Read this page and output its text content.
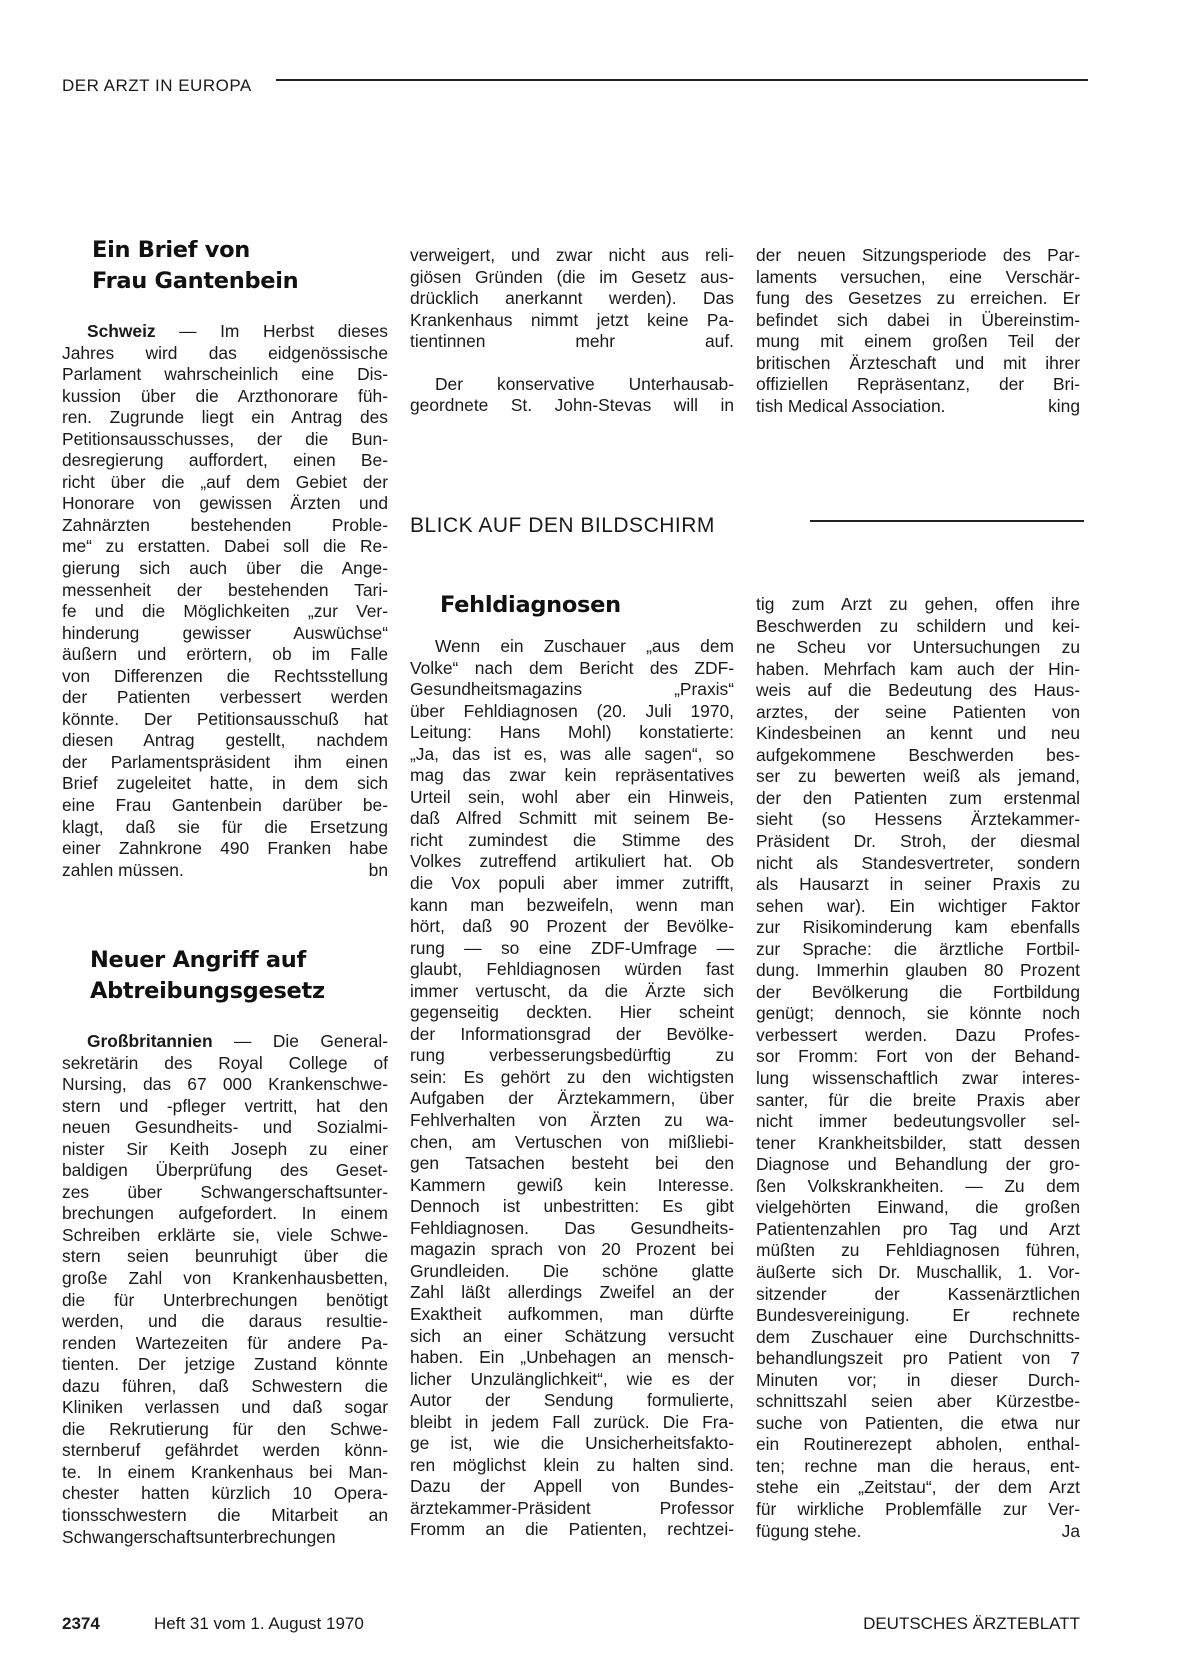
DER ARZT IN EUROPA
Ein Brief von
Frau Gantenbein
Schweiz — Im Herbst dieses
Jahres wird das eidgenössische
Parlament wahrscheinlich eine Dis-
kussion über die Arzthonorare füh-
ren. Zugrunde liegt ein Antrag des
Petitionsausschusses, der die Bun-
desregierung auffordert, einen Be-
richt über die „auf dem Gebiet der
Honorare von gewissen Ärzten und
Zahnärzten bestehenden Proble-
me“ zu erstatten. Dabei soll die Re-
gierung sich auch über die Ange-
messenheit der bestehenden Tari-
fe und die Möglichkeiten „zur Ver-
hinderung gewisser Auswüchse“
äußern und erörtern, ob im Falle
von Differenzen die Rechtsstellung
der Patienten verbessert werden
könnte. Der Petitionsausschuß hat
diesen Antrag gestellt, nachdem
der Parlamentspräsident ihm einen
Brief zugeleitet hatte, in dem sich
eine Frau Gantenbein darüber be-
klagt, daß sie für die Ersetzung
einer Zahnkrone 490 Franken habe
zahlen müssen.	bn
Neuer Angriff auf
Abtreibungsgesetz
Großbritannien — Die General-
sekretärin des Royal College of
Nursing, das 67 000 Krankenschwe-
stern und -pfleger vertritt, hat den
neuen Gesundheits- und Sozialmi-
nister Sir Keith Joseph zu einer
baldigen Überprüfung des Geset-
zes über Schwangerschaftsunter-
brechungen aufgefordert. In einem
Schreiben erklärte sie, viele Schwe-
stern seien beunruhigt über die
große Zahl von Krankenhausbetten,
die für Unterbrechungen benötigt
werden, und die daraus resultie-
renden Wartezeiten für andere Pa-
tienten. Der jetzige Zustand könnte
dazu führen, daß Schwestern die
Kliniken verlassen und daß sogar
die Rekrutierung für den Schwe-
sternberuf gefährdet werden könn-
te. In einem Krankenhaus bei Man-
chester hatten kürzlich 10 Opera-
tionsschwestern die Mitarbeit an
Schwangerschaftsunterbrechungen
verweigert, und zwar nicht aus reli-
giösen Gründen (die im Gesetz aus-
drücklich anerkannt werden). Das
Krankenhaus nimmt jetzt keine Pa-
tientinnen mehr auf.
Der konservative Unterhausab-
geordnete St. John-Stevas will in
der neuen Sitzungsperiode des Par-
laments versuchen, eine Verschär-
fung des Gesetzes zu erreichen. Er
befindet sich dabei in Übereinstim-
mung mit einem großen Teil der
britischen Ärzteschaft und mit ihrer
offiziellen Repräsentanz, der Bri-
tish Medical Association.	king
BLICK AUF DEN BILDSCHIRM
Fehldiagnosen
Wenn ein Zuschauer „aus dem
Volke“ nach dem Bericht des ZDF-
Gesundheitsmagazins „Praxis“
über Fehldiagnosen (20. Juli 1970,
Leitung: Hans Mohl) konstatierte:
„Ja, das ist es, was alle sagen“, so
mag das zwar kein repräsentatives
Urteil sein, wohl aber ein Hinweis,
daß Alfred Schmitt mit seinem Be-
richt zumindest die Stimme des
Volkes zutreffend artikuliert hat. Ob
die Vox populi aber immer zutrifft,
kann man bezweifeln, wenn man
hört, daß 90 Prozent der Bevölke-
rung — so eine ZDF-Umfrage —
glaubt, Fehldiagnosen würden fast
immer vertuscht, da die Ärzte sich
gegenseitig deckten. Hier scheint
der Informationsgrad der Bevölke-
rung verbesserungsbedürftig zu
sein: Es gehört zu den wichtigsten
Aufgaben der Ärztekammern, über
Fehlverhalten von Ärzten zu wa-
chen, am Vertuschen von mißliebi-
gen Tatsachen besteht bei den
Kammern gewiß kein Interesse.
Dennoch ist unbestritten: Es gibt
Fehldiagnosen. Das Gesundheits-
magazin sprach von 20 Prozent bei
Grundleiden. Die schöne glatte
Zahl läßt allerdings Zweifel an der
Exaktheit aufkommen, man dürfte
sich an einer Schätzung versucht
haben. Ein „Unbehagen an mensch-
licher Unzulänglichkeit“, wie es der
Autor der Sendung formulierte,
bleibt in jedem Fall zurück. Die Fra-
ge ist, wie die Unsicherheitsfakto-
ren möglichst klein zu halten sind.
Dazu der Appell von Bundes-
ärztekammer-Präsident Professor
Fromm an die Patienten, rechtzei-
tig zum Arzt zu gehen, offen ihre
Beschwerden zu schildern und kei-
ne Scheu vor Untersuchungen zu
haben. Mehrfach kam auch der Hin-
weis auf die Bedeutung des Haus-
arztes, der seine Patienten von
Kindesbeinen an kennt und neu
aufgekommene Beschwerden bes-
ser zu bewerten weiß als jemand,
der den Patienten zum erstenmal
sieht (so Hessens Ärztekammer-
Präsident Dr. Stroh, der diesmal
nicht als Standesvertreter, sondern
als Hausarzt in seiner Praxis zu
sehen war). Ein wichtiger Faktor
zur Risikominderung kam ebenfalls
zur Sprache: die ärztliche Fortbil-
dung. Immerhin glauben 80 Prozent
der Bevölkerung die Fortbildung
genügt; dennoch, sie könnte noch
verbessert werden. Dazu Profes-
sor Fromm: Fort von der Behand-
lung wissenschaftlich zwar interes-
santer, für die breite Praxis aber
nicht immer bedeutungsvoller sel-
tener Krankheitsbilder, statt dessen
Diagnose und Behandlung der gro-
ßen Volkskrankheiten. — Zu dem
vielgehörten Einwand, die großen
Patientenzahlen pro Tag und Arzt
müßten zu Fehldiagnosen führen,
äußerte sich Dr. Muschallik, 1. Vor-
sitzender der Kassenärztlichen
Bundesvereinigung. Er rechnete
dem Zuschauer eine Durchschnitts-
behandlungszeit pro Patient von 7
Minuten vor; in dieser Durch-
schnittszahl seien aber Kürzestbe-
suche von Patienten, die etwa nur
ein Routinerezept abholen, enthal-
ten; rechne man die heraus, ent-
stehe ein „Zeitstau“, der dem Arzt
für wirkliche Problemfälle zur Ver-
fügung stehe.	Ja
2374	Heft 31 vom 1. August 1970	DEUTSCHES ÄRZTEBLATT
